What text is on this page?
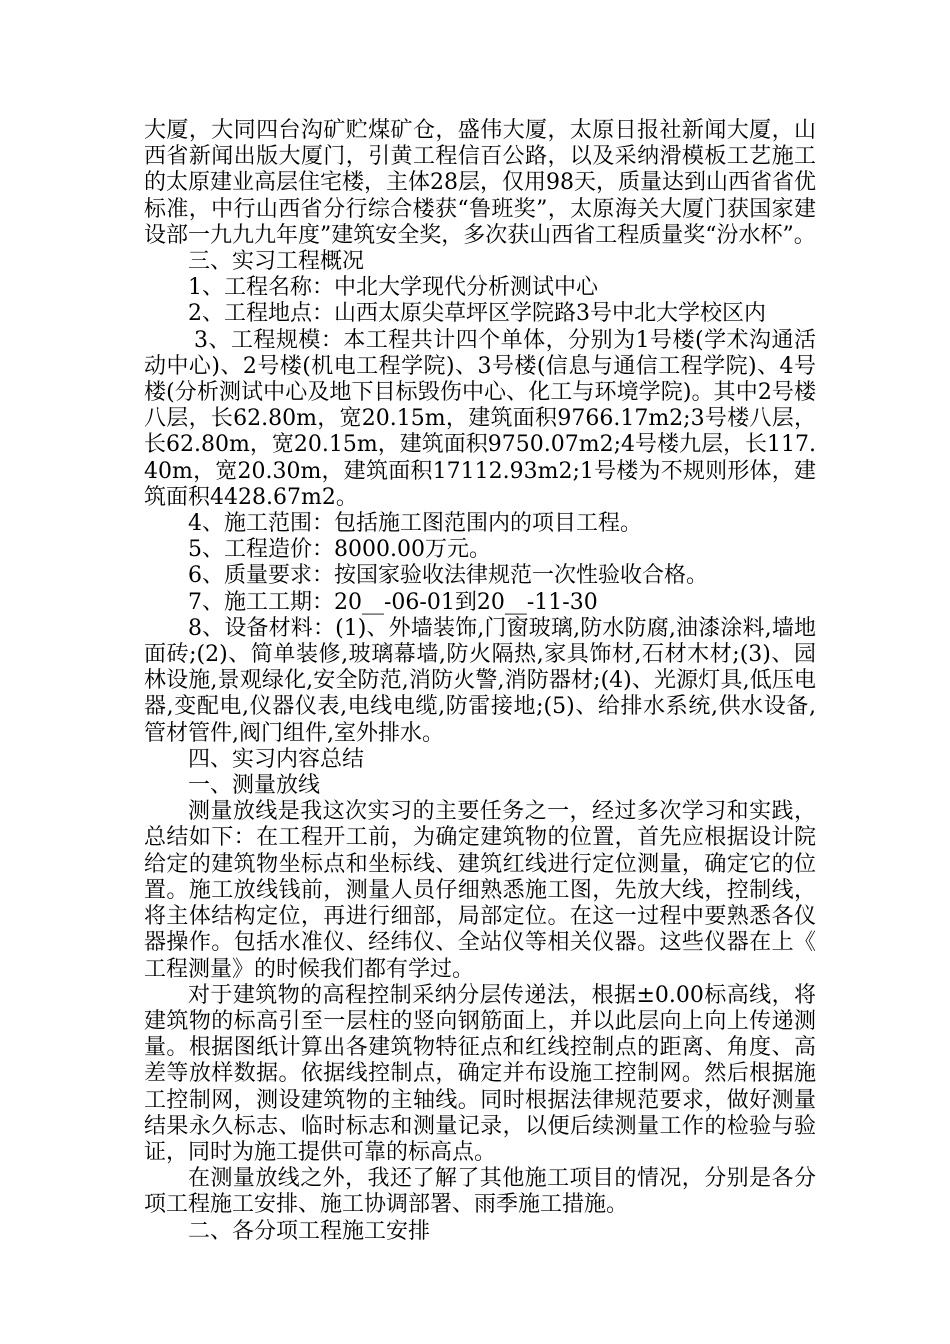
大厦，大同四台沟矿贮煤矿仓，盛伟大厦，太原日报社新闻大厦，山西省新闻出版大厦门，引黄工程信百公路，以及采纳滑模板工艺施工的太原建业高层住宅楼，主体28层，仅用98天，质量达到山西省省优标准，中行山西省分行综合楼获“鲁班奖”，太原海关大厦门获国家建设部一九九九年度”建筑安全奖，多次获山西省工程质量奖“汾水杯”。

三、实习工程概况

1、工程名称：中北大学现代分析测试中心

2、工程地点：山西太原尖草坪区学院路3号中北大学校区内

3、工程规模：本工程共计四个单体，分别为1号楼(学术沟通活动中心)、2号楼(机电工程学院)、3号楼(信息与通信工程学院)、4号楼(分析测试中心及地下目标毁伤中心、化工与环境学院)。其中2号楼八层，长62.80m，宽20.15m，建筑面积9766.17m2;3号楼八层，长62.80m，宽20.15m，建筑面积9750.07m2;4号楼九层，长117.40m，宽20.30m，建筑面积17112.93m2;1号楼为不规则形体，建筑面积4428.67m2。

4、施工范围：包括施工图范围内的项目工程。

5、工程造价：8000.00万元。

6、质量要求：按国家验收法律规范一次性验收合格。

7、施工工期：20__-06-01到20__-11-30

8、设备材料：(1)、外墙装饰,门窗玻璃,防水防腐,油漆涂料,墙地面砖;(2)、简单装修,玻璃幕墙,防火隔热,家具饰材,石材木材;(3)、园林设施,景观绿化,安全防范,消防火警,消防器材;(4)、光源灯具,低压电器,变配电,仪器仪表,电线电缆,防雷接地;(5)、给排水系统,供水设备,管材管件,阀门组件,室外排水。

四、实习内容总结

一、测量放线

测量放线是我这次实习的主要任务之一，经过多次学习和实践，总结如下：在工程开工前，为确定建筑物的位置，首先应根据设计院给定的建筑物坐标点和坐标线、建筑红线进行定位测量，确定它的位置。施工放线钱前，测量人员仔细熟悉施工图，先放大线，控制线，将主体结构定位，再进行细部，局部定位。在这一过程中要熟悉各仪器操作。包括水准仪、经纬仪、全站仪等相关仪器。这些仪器在上《工程测量》的时候我们都有学过。

对于建筑物的高程控制采纳分层传递法，根据±0.00标高线，将建筑物的标高引至一层柱的竖向钢筋面上，并以此层向上向上传递测量。根据图纸计算出各建筑物特征点和红线控制点的距离、角度、高差等放样数据。依据线控制点，确定并布设施工控制网。然后根据施工控制网，测设建筑物的主轴线。同时根据法律规范要求，做好测量结果永久标志、临时标志和测量记录，以便后续测量工作的检验与验证，同时为施工提供可靠的标高点。

在测量放线之外，我还了解了其他施工项目的情况，分别是各分项工程施工安排、施工协调部署、雨季施工措施。

二、各分项工程施工安排
